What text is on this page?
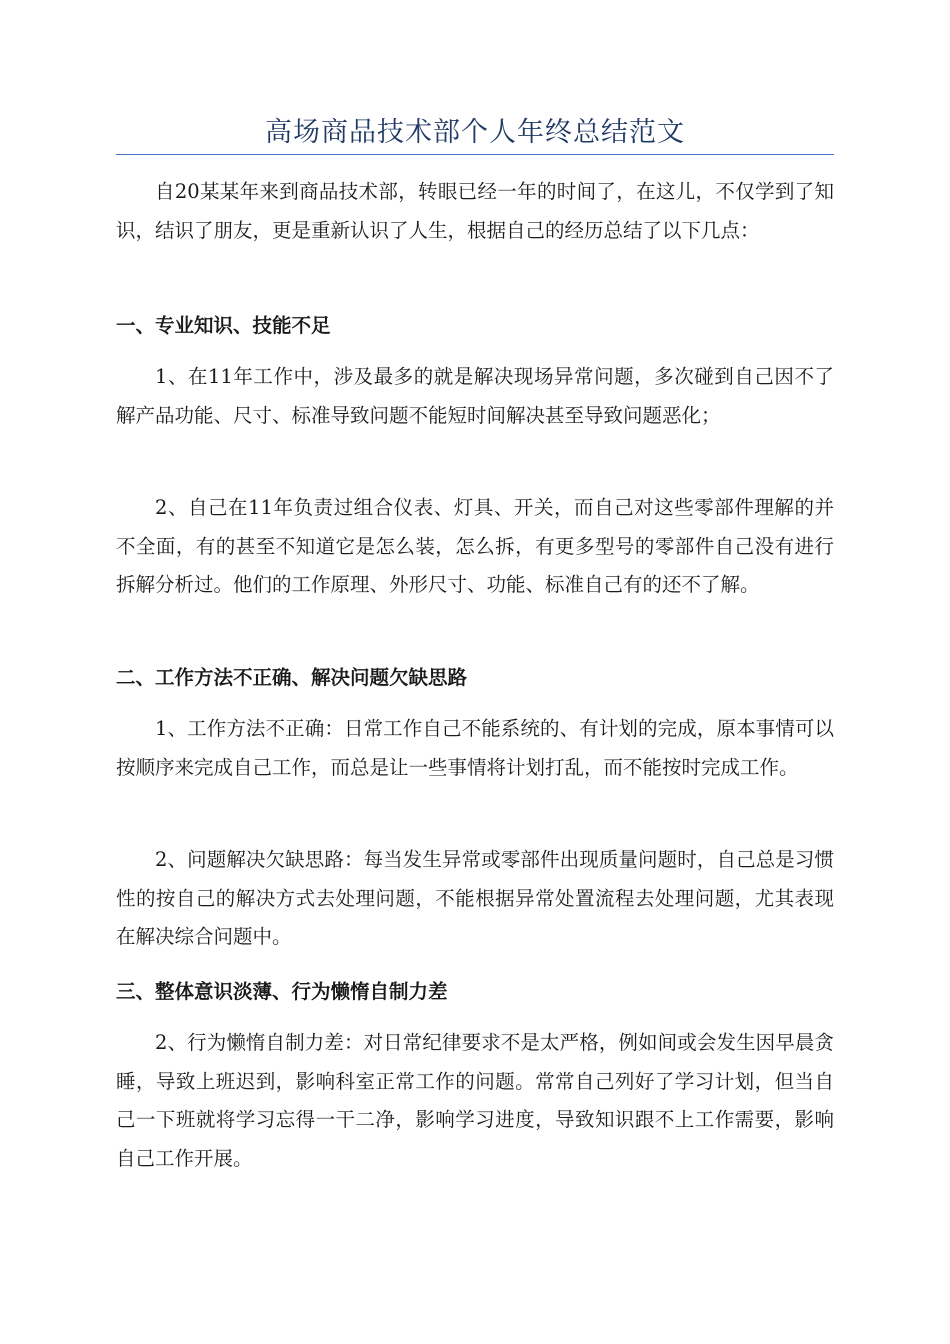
高场商品技术部个人年终总结范文

自20某某年来到商品技术部，转眼已经一年的时间了，在这儿，不仅学到了知识，结识了朋友，更是重新认识了人生，根据自己的经历总结了以下几点：

一、专业知识、技能不足

1、在11年工作中，涉及最多的就是解决现场异常问题，多次碰到自己因不了解产品功能、尺寸、标准导致问题不能短时间解决甚至导致问题恶化；

2、自己在11年负责过组合仪表、灯具、开关，而自己对这些零部件理解的并不全面，有的甚至不知道它是怎么装，怎么拆，有更多型号的零部件自己没有进行拆解分析过。他们的工作原理、外形尺寸、功能、标准自己有的还不了解。

二、工作方法不正确、解决问题欠缺思路

1、工作方法不正确：日常工作自己不能系统的、有计划的完成，原本事情可以按顺序来完成自己工作，而总是让一些事情将计划打乱，而不能按时完成工作。

2、问题解决欠缺思路：每当发生异常或零部件出现质量问题时，自己总是习惯性的按自己的解决方式去处理问题，不能根据异常处置流程去处理问题，尤其表现在解决综合问题中。

三、整体意识淡薄、行为懒惰自制力差

2、行为懒惰自制力差：对日常纪律要求不是太严格，例如间或会发生因早晨贪睡，导致上班迟到，影响科室正常工作的问题。常常自己列好了学习计划，但当自己一下班就将学习忘得一干二净，影响学习进度，导致知识跟不上工作需要，影响自己工作开展。
